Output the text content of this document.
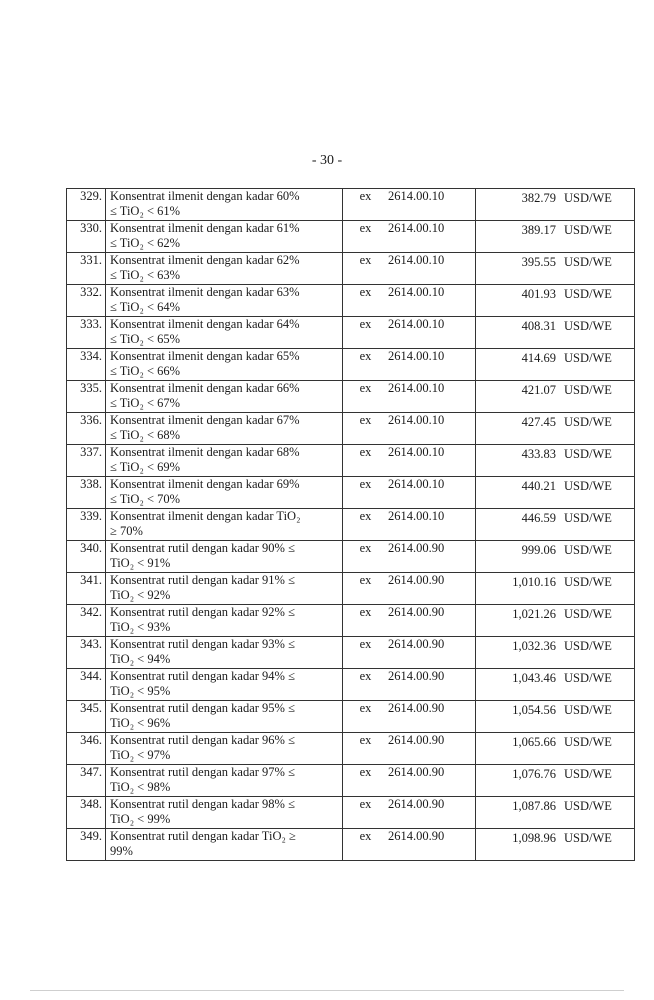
- 30 -
329.	Konsentrat ilmenit dengan kadar 60%
≤ TiO₂ < 61%	ex	2614.00.10	382.79	USD/WE
330.	Konsentrat ilmenit dengan kadar 61%
≤ TiO₂ < 62%	ex	2614.00.10	389.17	USD/WE
331.	Konsentrat ilmenit dengan kadar 62%
≤ TiO₂ < 63%	ex	2614.00.10	395.55	USD/WE
332.	Konsentrat ilmenit dengan kadar 63%
≤ TiO₂ < 64%	ex	2614.00.10	401.93	USD/WE
333.	Konsentrat ilmenit dengan kadar 64%
≤ TiO₂ < 65%	ex	2614.00.10	408.31	USD/WE
334.	Konsentrat ilmenit dengan kadar 65%
≤ TiO₂ < 66%	ex	2614.00.10	414.69	USD/WE
335.	Konsentrat ilmenit dengan kadar 66%
≤ TiO₂ < 67%	ex	2614.00.10	421.07	USD/WE
336.	Konsentrat ilmenit dengan kadar 67%
≤ TiO₂ < 68%	ex	2614.00.10	427.45	USD/WE
337.	Konsentrat ilmenit dengan kadar 68%
≤ TiO₂ < 69%	ex	2614.00.10	433.83	USD/WE
338.	Konsentrat ilmenit dengan kadar 69%
≤ TiO₂ < 70%	ex	2614.00.10	440.21	USD/WE
339.	Konsentrat ilmenit dengan kadar TiO₂
≥ 70%	ex	2614.00.10	446.59	USD/WE
340.	Konsentrat rutil dengan kadar 90% ≤
TiO₂ < 91%	ex	2614.00.90	999.06	USD/WE
341.	Konsentrat rutil dengan kadar 91% ≤
TiO₂ < 92%	ex	2614.00.90	1,010.16	USD/WE
342.	Konsentrat rutil dengan kadar 92% ≤
TiO₂ < 93%	ex	2614.00.90	1,021.26	USD/WE
343.	Konsentrat rutil dengan kadar 93% ≤
TiO₂ < 94%	ex	2614.00.90	1,032.36	USD/WE
344.	Konsentrat rutil dengan kadar 94% ≤
TiO₂ < 95%	ex	2614.00.90	1,043.46	USD/WE
345.	Konsentrat rutil dengan kadar 95% ≤
TiO₂ < 96%	ex	2614.00.90	1,054.56	USD/WE
346.	Konsentrat rutil dengan kadar 96% ≤
TiO₂ < 97%	ex	2614.00.90	1,065.66	USD/WE
347.	Konsentrat rutil dengan kadar 97% ≤
TiO₂ < 98%	ex	2614.00.90	1,076.76	USD/WE
348.	Konsentrat rutil dengan kadar 98% ≤
TiO₂ < 99%	ex	2614.00.90	1,087.86	USD/WE
349.	Konsentrat rutil dengan kadar TiO₂ ≥
99%	ex	2614.00.90	1,098.96	USD/WE
